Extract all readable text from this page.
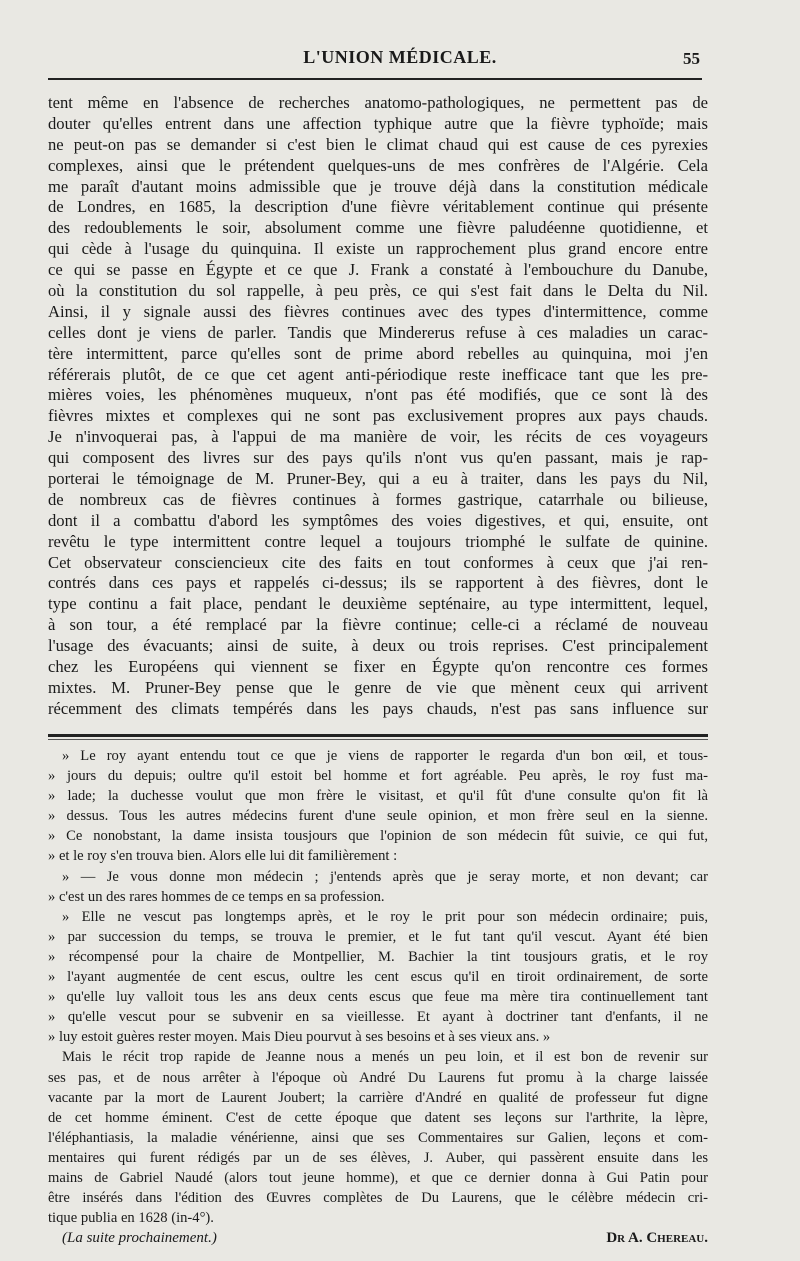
L'UNION MÉDICALE.	55
tent même en l'absence de recherches anatomo-pathologiques, ne permettent pas de
douter qu'elles entrent dans une affection typhique autre que la fièvre typhoïde; mais
ne peut-on pas se demander si c'est bien le climat chaud qui est cause de ces pyrexies
complexes, ainsi que le prétendent quelques-uns de mes confrères de l'Algérie. Cela
me paraît d'autant moins admissible que je trouve déjà dans la constitution médicale
de Londres, en 1685, la description d'une fièvre véritablement continue qui présente
des redoublements le soir, absolument comme une fièvre paludéenne quotidienne, et
qui cède à l'usage du quinquina. Il existe un rapprochement plus grand encore entre
ce qui se passe en Égypte et ce que J. Frank a constaté à l'embouchure du Danube,
où la constitution du sol rappelle, à peu près, ce qui s'est fait dans le Delta du Nil.
Ainsi, il y signale aussi des fièvres continues avec des types d'intermittence, comme
celles dont je viens de parler. Tandis que Mindererus refuse à ces maladies un carac-
tère intermittent, parce qu'elles sont de prime abord rebelles au quinquina, moi j'en
référerais plutôt, de ce que cet agent anti-périodique reste inefficace tant que les pre-
mières voies, les phénomènes muqueux, n'ont pas été modifiés, que ce sont là des
fièvres mixtes et complexes qui ne sont pas exclusivement propres aux pays chauds.
Je n'invoquerai pas, à l'appui de ma manière de voir, les récits de ces voyageurs
qui composent des livres sur des pays qu'ils n'ont vus qu'en passant, mais je rap-
porterai le témoignage de M. Pruner-Bey, qui a eu à traiter, dans les pays du Nil,
de nombreux cas de fièvres continues à formes gastrique, catarrhale ou bilieuse,
dont il a combattu d'abord les symptômes des voies digestives, et qui, ensuite, ont
revêtu le type intermittent contre lequel a toujours triomphé le sulfate de quinine.
Cet observateur consciencieux cite des faits en tout conformes à ceux que j'ai ren-
contrés dans ces pays et rappelés ci-dessus; ils se rapportent à des fièvres, dont le
type continu a fait place, pendant le deuxième septénaire, au type intermittent, lequel,
à son tour, a été remplacé par la fièvre continue; celle-ci a réclamé de nouveau
l'usage des évacuants; ainsi de suite, à deux ou trois reprises. C'est principalement
chez les Européens qui viennent se fixer en Égypte qu'on rencontre ces formes
mixtes. M. Pruner-Bey pense que le genre de vie que mènent ceux qui arrivent
récemment des climats tempérés dans les pays chauds, n'est pas sans influence sur
» Le roy ayant entendu tout ce que je viens de rapporter le regarda d'un bon œil, et tous-
» jours du depuis; oultre qu'il estoit bel homme et fort agréable. Peu après, le roy fust ma-
» lade; la duchesse voulut que mon frère le visitast, et qu'il fût d'une consulte qu'on fit là
» dessus. Tous les autres médecins furent d'une seule opinion, et mon frère seul en la sienne.
» Ce nonobstant, la dame insista tousjours que l'opinion de son médecin fût suivie, ce qui fut,
» et le roy s'en trouva bien. Alors elle lui dit familièrement :
» — Je vous donne mon médecin ; j'entends après que je seray morte, et non devant; car
» c'est un des rares hommes de ce temps en sa profession.
» Elle ne vescut pas longtemps après, et le roy le prit pour son médecin ordinaire; puis,
» par succession du temps, se trouva le premier, et le fut tant qu'il vescut. Ayant été bien
» récompensé pour la chaire de Montpellier, M. Bachier la tint tousjours gratis, et le roy
» l'ayant augmentée de cent escus, oultre les cent escus qu'il en tiroit ordinairement, de sorte
» qu'elle luy valloit tous les ans deux cents escus que feue ma mère tira continuellement tant
» qu'elle vescut pour se subvenir en sa vieillesse. Et ayant à doctriner tant d'enfants, il ne
» luy estoit guères rester moyen. Mais Dieu pourvut à ses besoins et à ses vieux ans. »
Mais le récit trop rapide de Jeanne nous a menés un peu loin, et il est bon de revenir sur
ses pas, et de nous arrêter à l'époque où André Du Laurens fut promu à la charge laissée
vacante par la mort de Laurent Joubert; la carrière d'André en qualité de professeur fut digne
de cet homme éminent. C'est de cette époque que datent ses leçons sur l'arthrite, la lèpre,
l'éléphantiasis, la maladie vénérienne, ainsi que ses Commentaires sur Galien, leçons et com-
mentaires qui furent rédigés par un de ses élèves, J. Auber, qui passèrent ensuite dans les
mains de Gabriel Naudé (alors tout jeune homme), et que ce dernier donna à Gui Patin pour
être insérés dans l'édition des Œuvres complètes de Du Laurens, que le célèbre médecin cri-
tique publia en 1628 (in-4°).
(La suite prochainement.)	Dr A. Chereau.
